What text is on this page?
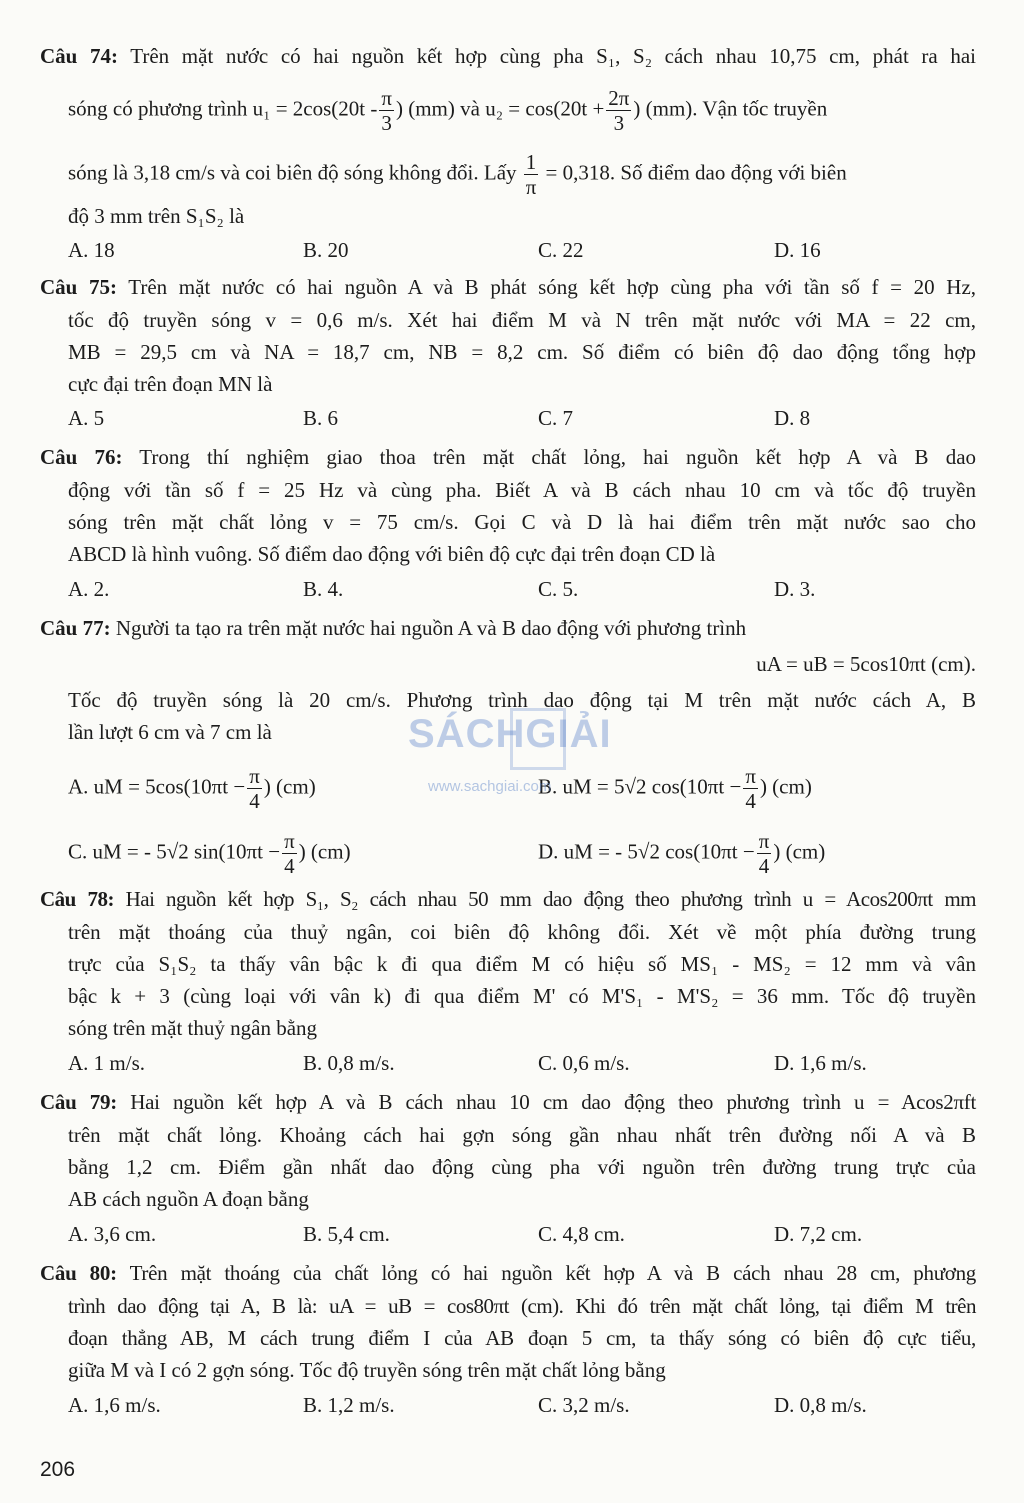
Câu 74: Trên mặt nước có hai nguồn kết hợp cùng pha S₁, S₂ cách nhau 10,75 cm, phát ra hai
sóng có phương trình $u_1 = 2\cos(20t - \frac{\pi}{3}$ ) (mm) và $u_2 = \cos(20t + \frac{2\pi}{3}$ ) (mm). Vận tốc truyền
sóng là 3,18 cm/s và coi biên độ sóng không đổi. Lấy $\frac{1}{\pi} = 0,318$. Số điểm dao động với biên
độ 3 mm trên S₁S₂ là
A. 18	B. 20	C. 22	D. 16
Câu 75: Trên mặt nước có hai nguồn A và B phát sóng kết hợp cùng pha với tần số f = 20 Hz,
tốc độ truyền sóng v = 0,6 m/s. Xét hai điểm M và N trên mặt nước với MA = 22 cm,
MB = 29,5 cm và NA = 18,7 cm, NB = 8,2 cm. Số điểm có biên độ dao động tổng hợp
cực đại trên đoạn MN là
A. 5	B. 6	C. 7	D. 8
Câu 76: Trong thí nghiệm giao thoa trên mặt chất lỏng, hai nguồn kết hợp A và B dao
động với tần số f = 25 Hz và cùng pha. Biết A và B cách nhau 10 cm và tốc độ truyền
sóng trên mặt chất lỏng v = 75 cm/s. Gọi C và D là hai điểm trên mặt nước sao cho
ABCD là hình vuông. Số điểm dao động với biên độ cực đại trên đoạn CD là
A. 2.	B. 4.	C. 5.	D. 3.
Câu 77: Người ta tạo ra trên mặt nước hai nguồn A và B dao động với phương trình
uA = uB = 5cos10πt (cm).
Tốc độ truyền sóng là 20 cm/s. Phương trình dao động tại M trên mặt nước cách A, B
lần lượt 6 cm và 7 cm là
A. uM = $5\cos(10\pi t - \frac{\pi}{4}$ ) (cm)	B. uM = 5√2 $\cos(10\pi t - \frac{\pi}{4}$ ) (cm)
C. uM = - 5√2 $\sin(10\pi t - \frac{\pi}{4}$ ) (cm)	D. uM = - 5√2 $\cos(10\pi t - \frac{\pi}{4}$ ) (cm)
SÁCHGIẢI
www.sachgiai.com
Câu 78: Hai nguồn kết hợp S₁, S₂ cách nhau 50 mm dao động theo phương trình u = Acos200πt mm
trên mặt thoáng của thuỷ ngân, coi biên độ không đổi. Xét về một phía đường trung
trực của S₁S₂ ta thấy vân bậc k đi qua điểm M có hiệu số MS₁ - MS₂ = 12 mm và vân
bậc k + 3 (cùng loại với vân k) đi qua điểm M' có M'S₁ - M'S₂ = 36 mm. Tốc độ truyền
sóng trên mặt thuỷ ngân bằng
A. 1 m/s.	B. 0,8 m/s.	C. 0,6 m/s.	D. 1,6 m/s.
Câu 79: Hai nguồn kết hợp A và B cách nhau 10 cm dao động theo phương trình u = Acos2πft
trên mặt chất lỏng. Khoảng cách hai gợn sóng gần nhau nhất trên đường nối A và B
bằng 1,2 cm. Điểm gần nhất dao động cùng pha với nguồn trên đường trung trực của
AB cách nguồn A đoạn bằng
A. 3,6 cm.	B. 5,4 cm.	C. 4,8 cm.	D. 7,2 cm.
Câu 80: Trên mặt thoáng của chất lỏng có hai nguồn kết hợp A và B cách nhau 28 cm, phương
trình dao động tại A, B là: uA = uB = cos80πt (cm). Khi đó trên mặt chất lỏng, tại điểm M trên
đoạn thẳng AB, M cách trung điểm I của AB đoạn 5 cm, ta thấy sóng có biên độ cực tiểu,
giữa M và I có 2 gợn sóng. Tốc độ truyền sóng trên mặt chất lỏng bằng
A. 1,6 m/s.	B. 1,2 m/s.	C. 3,2 m/s.	D. 0,8 m/s.
206
